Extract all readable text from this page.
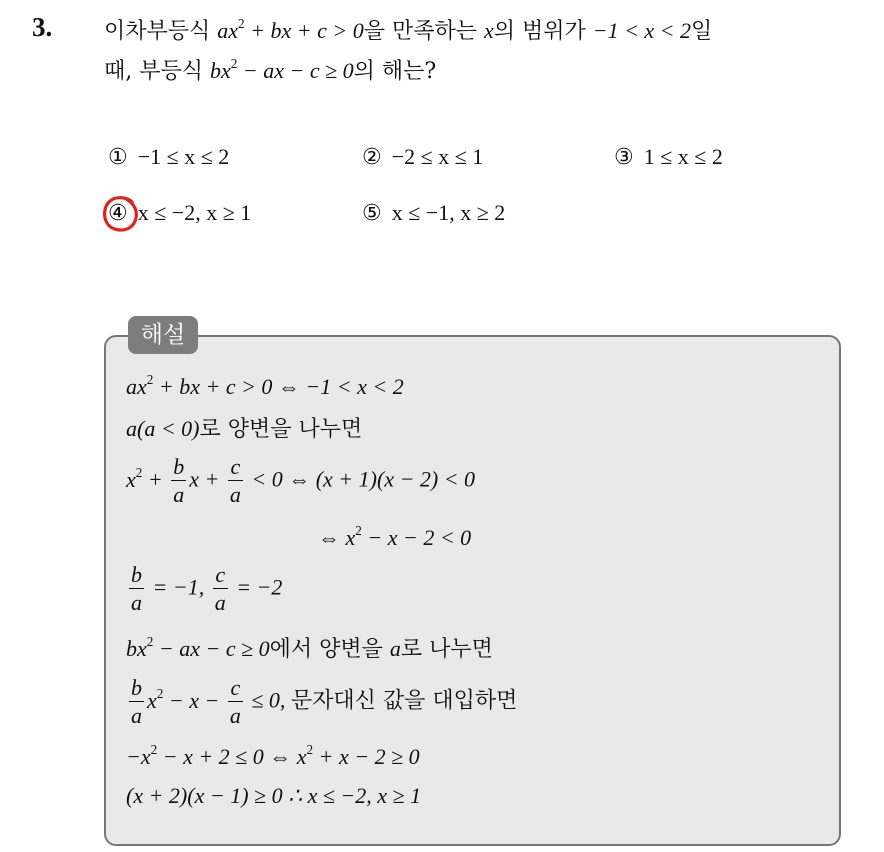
3. 이차부등식 $ax^2$ + bx + c > 0을 만족하는 x의 범위가 −1 < x < 2일
때, 부등식 $bx^2$ − ax − c ≥ 0의 해는?
① −1 ≤ x ≤ 2	② −2 ≤ x ≤ 1	③ 1 ≤ x ≤ 2
④ x ≤ −2, x ≥ 1	⑤ x ≤ −1, x ≥ 2
해설
$ax^2$ + bx + c > 0 ⇔ −1 < x < 2
a(a < 0)로 양변을 나누면
$x^2 + \frac{b}{a}$ $x + \frac{c}{a} < 0$ ⇔ (x + 1)(x − 2) < 0
⇔ $x^2 - x - 2 < 0$
$\frac{b}{a} = -1$, $\frac{c}{a} = -2$
$bx^2$ − ax − c ≥ 0에서 양변을 a로 나누면
$\frac{b}{a} x^2 - x - \frac{c}{a} \le 0$, 문자대신 값을 대입하면
$-x^2 - x + 2 \le 0$ ⇔ $x^2 + x - 2 \ge 0$
(x + 2)(x − 1) ≥ 0 ∴ x ≤ −2, x ≥ 1
